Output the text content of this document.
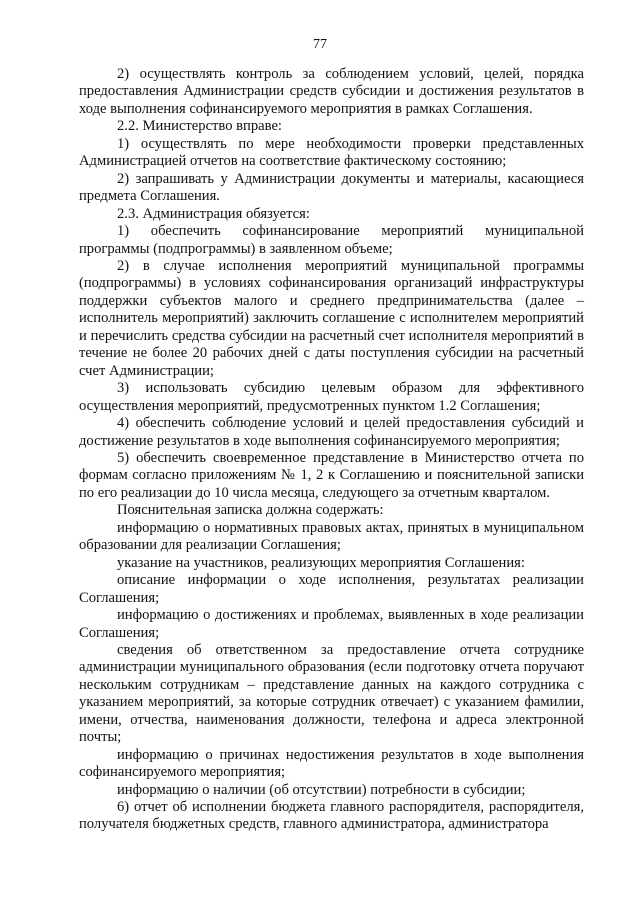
77

2) осуществлять контроль за соблюдением условий, целей, порядка предоставления Администрации средств субсидии и достижения результатов в ходе выполнения софинансируемого мероприятия в рамках Соглашения.

2.2. Министерство вправе:

1) осуществлять по мере необходимости проверки представленных Администрацией отчетов на соответствие фактическому состоянию;

2) запрашивать у Администрации документы и материалы, касающиеся предмета Соглашения.

2.3. Администрация обязуется:

1) обеспечить софинансирование мероприятий муниципальной программы (подпрограммы) в заявленном объеме;

2) в случае исполнения мероприятий муниципальной программы (подпрограммы) в условиях софинансирования организаций инфраструктуры поддержки субъектов малого и среднего предпринимательства (далее – исполнитель мероприятий) заключить соглашение с исполнителем мероприятий и перечислить средства субсидии на расчетный счет исполнителя мероприятий в течение не более 20 рабочих дней с даты поступления субсидии на расчетный счет Администрации;

3) использовать субсидию целевым образом для эффективного осуществления мероприятий, предусмотренных пунктом 1.2 Соглашения;

4) обеспечить соблюдение условий и целей предоставления субсидий и достижение результатов в ходе выполнения софинансируемого мероприятия;

5) обеспечить своевременное представление в Министерство отчета по формам согласно приложениям № 1, 2 к Соглашению и пояснительной записки по его реализации до 10 числа месяца, следующего за отчетным кварталом.

Пояснительная записка должна содержать:

информацию о нормативных правовых актах, принятых в муниципальном образовании для реализации Соглашения;

указание на участников, реализующих мероприятия Соглашения:

описание информации о ходе исполнения, результатах реализации Соглашения;

информацию о достижениях и проблемах, выявленных в ходе реализации Соглашения;

сведения об ответственном за предоставление отчета сотруднике администрации муниципального образования (если подготовку отчета поручают нескольким сотрудникам – представление данных на каждого сотрудника с указанием мероприятий, за которые сотрудник отвечает) с указанием фамилии, имени, отчества, наименования должности, телефона и адреса электронной почты;

информацию о причинах недостижения результатов в ходе выполнения софинансируемого мероприятия;

информацию о наличии (об отсутствии) потребности в субсидии;

6) отчет об исполнении бюджета главного распорядителя, распорядителя, получателя бюджетных средств, главного администратора, администратора
